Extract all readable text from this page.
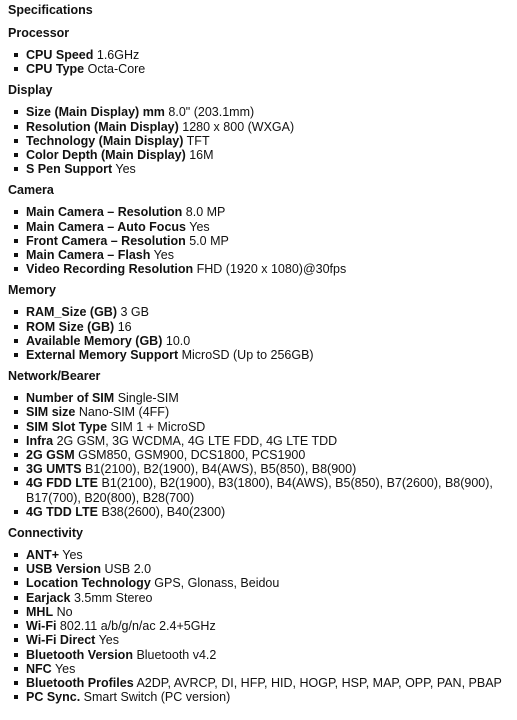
Specifications
Processor
CPU Speed 1.6GHz
CPU Type Octa-Core
Display
Size (Main Display) mm 8.0" (203.1mm)
Resolution (Main Display) 1280 x 800 (WXGA)
Technology (Main Display) TFT
Color Depth (Main Display) 16M
S Pen Support Yes
Camera
Main Camera – Resolution 8.0 MP
Main Camera – Auto Focus Yes
Front Camera – Resolution 5.0 MP
Main Camera – Flash Yes
Video Recording Resolution FHD (1920 x 1080)@30fps
Memory
RAM_Size (GB) 3 GB
ROM Size (GB) 16
Available Memory (GB) 10.0
External Memory Support MicroSD (Up to 256GB)
Network/Bearer
Number of SIM Single-SIM
SIM size Nano-SIM (4FF)
SIM Slot Type SIM 1 + MicroSD
Infra 2G GSM, 3G WCDMA, 4G LTE FDD, 4G LTE TDD
2G GSM GSM850, GSM900, DCS1800, PCS1900
3G UMTS B1(2100), B2(1900), B4(AWS), B5(850), B8(900)
4G FDD LTE B1(2100), B2(1900), B3(1800), B4(AWS), B5(850), B7(2600), B8(900), B17(700), B20(800), B28(700)
4G TDD LTE B38(2600), B40(2300)
Connectivity
ANT+ Yes
USB Version USB 2.0
Location Technology GPS, Glonass, Beidou
Earjack 3.5mm Stereo
MHL No
Wi-Fi 802.11 a/b/g/n/ac 2.4+5GHz
Wi-Fi Direct Yes
Bluetooth Version Bluetooth v4.2
NFC Yes
Bluetooth Profiles A2DP, AVRCP, DI, HFP, HID, HOGP, HSP, MAP, OPP, PAN, PBAP
PC Sync. Smart Switch (PC version)
